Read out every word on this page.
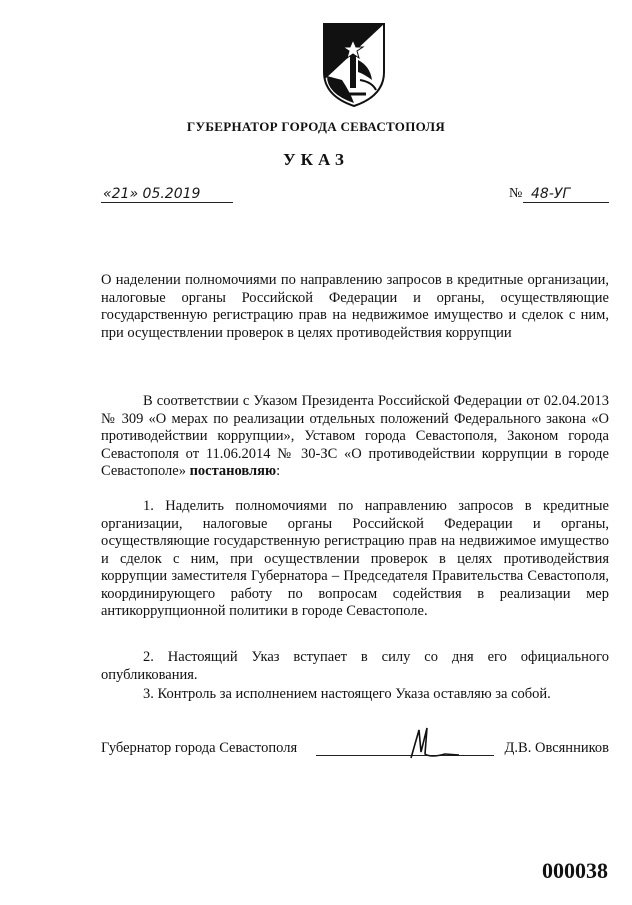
ГУБЕРНАТОР ГОРОДА СЕВАСТОПОЛЯ
УКАЗ
«21» 05.2019	№ 48-УГ
О наделении полномочиями по направлению запросов в кредитные организации, налоговые органы Российской Федерации и органы, осуществляющие государственную регистрацию прав на недвижимое имущество и сделок с ним, при осуществлении проверок в целях противодействия коррупции
В соответствии с Указом Президента Российской Федерации от 02.04.2013 № 309 «О мерах по реализации отдельных положений Федерального закона «О противодействии коррупции», Уставом города Севастополя, Законом города Севастополя от 11.06.2014 № 30-ЗС «О противодействии коррупции в городе Севастополе» постановляю:
1. Наделить полномочиями по направлению запросов в кредитные организации, налоговые органы Российской Федерации и органы, осуществляющие государственную регистрацию прав на недвижимое имущество и сделок с ним, при осуществлении проверок в целях противодействия коррупции заместителя Губернатора – Председателя Правительства Севастополя, координирующего работу по вопросам содействия в реализации мер антикоррупционной политики в городе Севастополе.
2. Настоящий Указ вступает в силу со дня его официального опубликования.
3. Контроль за исполнением настоящего Указа оставляю за собой.
Губернатор города Севастополя	Д.В. Овсянников
000038
